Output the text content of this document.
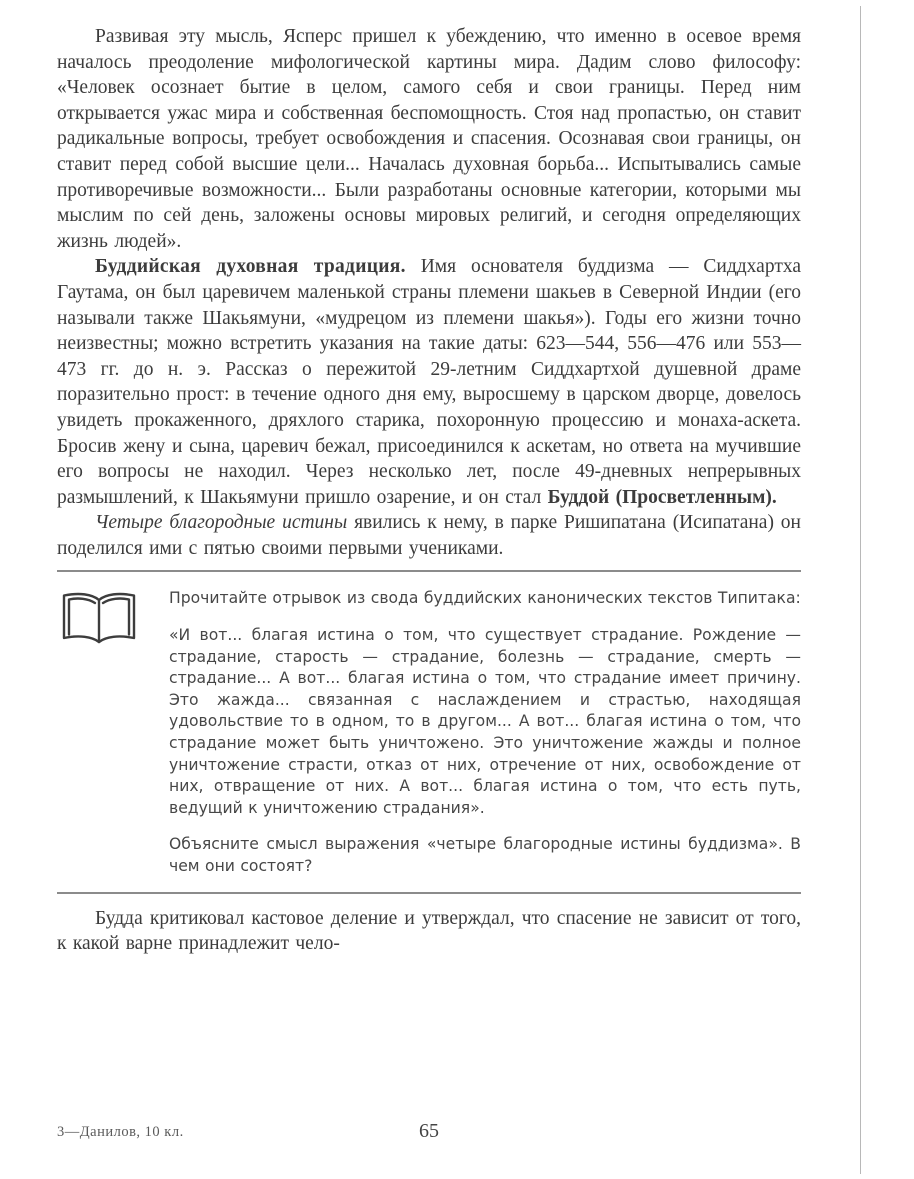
Развивая эту мысль, Ясперс пришел к убеждению, что именно в осевое время началось преодоление мифологической картины мира. Дадим слово философу: «Человек осознает бытие в целом, самого себя и свои границы. Перед ним открывается ужас мира и собственная беспомощность. Стоя над пропастью, он ставит радикальные вопросы, требует освобождения и спасения. Осознавая свои границы, он ставит перед собой высшие цели... Началась духовная борьба... Испытывались самые противоречивые возможности... Были разработаны основные категории, которыми мы мыслим по сей день, заложены основы мировых религий, и сегодня определяющих жизнь людей».

Буддийская духовная традиция. Имя основателя буддизма — Сиддхартха Гаутама, он был царевичем маленькой страны племени шакьев в Северной Индии (его называли также Шакьямуни, «мудрецом из племени шакья»). Годы его жизни точно неизвестны; можно встретить указания на такие даты: 623—544, 556—476 или 553—473 гг. до н. э. Рассказ о пережитой 29-летним Сиддхартхой душевной драме поразительно прост: в течение одного дня ему, выросшему в царском дворце, довелось увидеть прокаженного, дряхлого старика, похоронную процессию и монаха-аскета. Бросив жену и сына, царевич бежал, присоединился к аскетам, но ответа на мучившие его вопросы не находил. Через несколько лет, после 49-дневных непрерывных размышлений, к Шакьямуни пришло озарение, и он стал Буддой (Просветленным).

Четыре благородные истины явились к нему, в парке Ришипатана (Исипатана) он поделился ими с пятью своими первыми учениками.

Прочитайте отрывок из свода буддийских канонических текстов Типитака:

«И вот... благая истина о том, что существует страдание. Рождение — страдание, старость — страдание, болезнь — страдание, смерть — страдание... А вот... благая истина о том, что страдание имеет причину. Это жажда... связанная с наслаждением и страстью, находящая удовольствие то в одном, то в другом... А вот... благая истина о том, что страдание может быть уничтожено. Это уничтожение жажды и полное уничтожение страсти, отказ от них, отречение от них, освобождение от них, отвращение от них. А вот... благая истина о том, что есть путь, ведущий к уничтожению страдания».

Объясните смысл выражения «четыре благородные истины буддизма». В чем они состоят?

Будда критиковал кастовое деление и утверждал, что спасение не зависит от того, к какой варне принадлежит чело-

3—Данилов, 10 кл.	65
